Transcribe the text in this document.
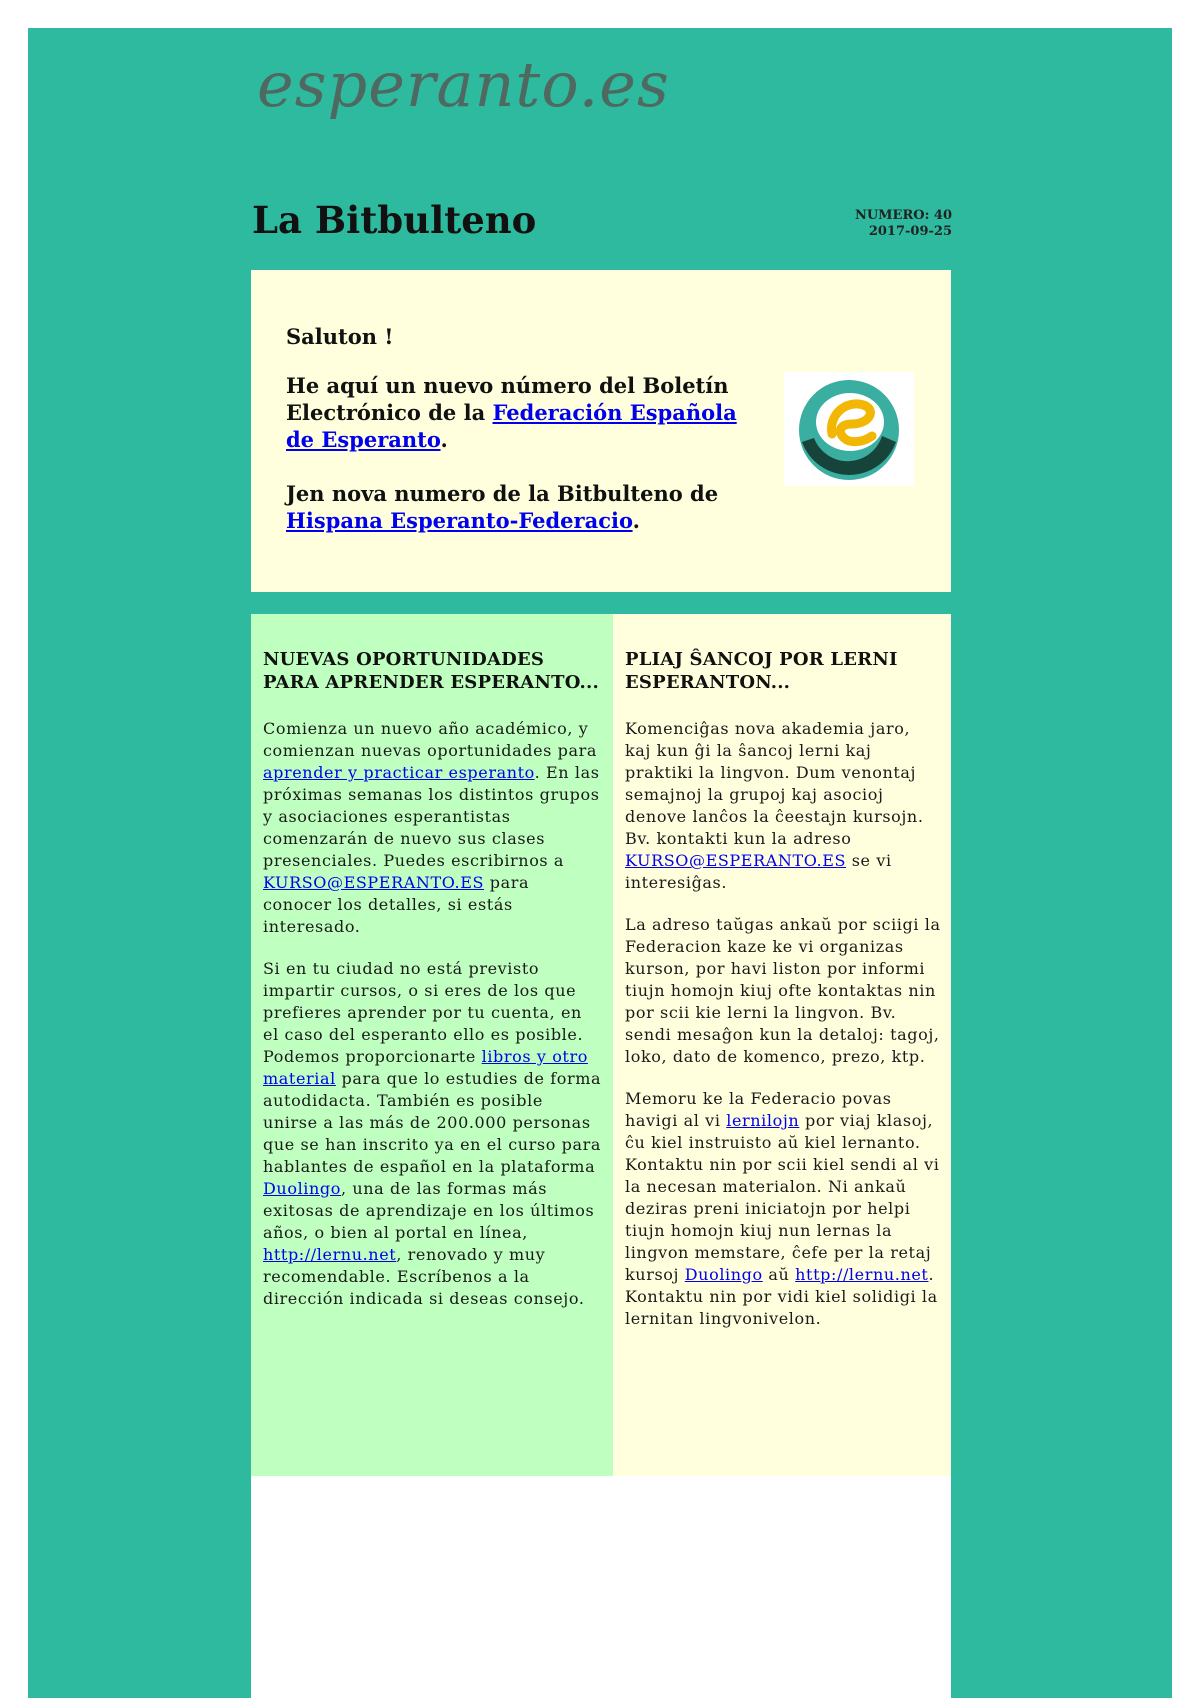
esperanto.es
La Bitbulteno	NUMERO: 40
2017-09-25
Saluton !

He aquí un nuevo número del Boletín Electrónico de la Federación Española de Esperanto.

Jen nova numero de la Bitbulteno de Hispana Esperanto-Federacio.

NUEVAS OPORTUNIDADES PARA APRENDER ESPERANTO...

Comienza un nuevo año académico, y comienzan nuevas oportunidades para aprender y practicar esperanto. En las próximas semanas los distintos grupos y asociaciones esperantistas comenzarán de nuevo sus clases presenciales. Puedes escribirnos a KURSO@ESPERANTO.ES para conocer los detalles, si estás interesado.

Si en tu ciudad no está previsto impartir cursos, o si eres de los que prefieres aprender por tu cuenta, en el caso del esperanto ello es posible. Podemos proporcionarte libros y otro material para que lo estudies de forma autodidacta. También es posible unirse a las más de 200.000 personas que se han inscrito ya en el curso para hablantes de español en la plataforma Duolingo, una de las formas más exitosas de aprendizaje en los últimos años, o bien al portal en línea, http://lernu.net, renovado y muy recomendable. Escríbenos a la dirección indicada si deseas consejo.

PLIAJ ŜANCOJ POR LERNI ESPERANTON...

Komenciĝas nova akademia jaro, kaj kun ĝi la ŝancoj lerni kaj praktiki la lingvon. Dum venontaj semajnoj la grupoj kaj asocioj denove lanĉos la ĉeestajn kursojn. Bv. kontakti kun la adreso KURSO@ESPERANTO.ES se vi interesiĝas.

La adreso taŭgas ankaŭ por sciigi la Federacion kaze ke vi organizas kurson, por havi liston por informi tiujn homojn kiuj ofte kontaktas nin por scii kie lerni la lingvon. Bv. sendi mesaĝon kun la detaloj: tagoj, loko, dato de komenco, prezo, ktp.

Memoru ke la Federacio povas havigi al vi lernilojn por viaj klasoj, ĉu kiel instruisto aŭ kiel lernanto. Kontaktu nin por scii kiel sendi al vi la necesan materialon. Ni ankaŭ deziras preni iniciatojn por helpi tiujn homojn kiuj nun lernas la lingvon memstare, ĉefe per la retaj kursoj Duolingo aŭ http://lernu.net. Kontaktu nin por vidi kiel solidigi la lernitan lingvonivelon.
